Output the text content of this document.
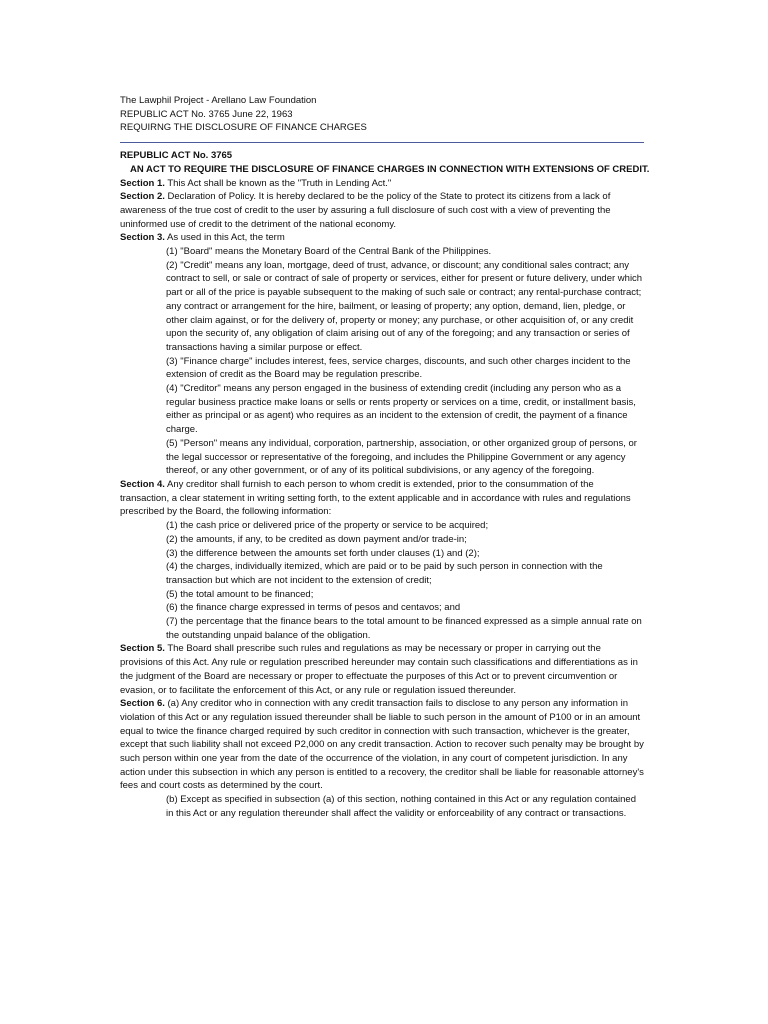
The Lawphil Project - Arellano Law Foundation
REPUBLIC ACT No. 3765 June 22, 1963
REQUIRNG THE DISCLOSURE OF FINANCE CHARGES
REPUBLIC ACT No. 3765
AN ACT TO REQUIRE THE DISCLOSURE OF FINANCE CHARGES IN CONNECTION WITH EXTENSIONS OF CREDIT.

Section 1. This Act shall be known as the "Truth in Lending Act."

Section 2. Declaration of Policy. It is hereby declared to be the policy of the State to protect its citizens from a lack of awareness of the true cost of credit to the user by assuring a full disclosure of such cost with a view of preventing the uninformed use of credit to the detriment of the national economy.

Section 3. As used in this Act, the term

(1) "Board" means the Monetary Board of the Central Bank of the Philippines.

(2) "Credit" means any loan, mortgage, deed of trust, advance, or discount; any conditional sales contract; any contract to sell, or sale or contract of sale of property or services, either for present or future delivery, under which part or all of the price is payable subsequent to the making of such sale or contract; any rental-purchase contract; any contract or arrangement for the hire, bailment, or leasing of property; any option, demand, lien, pledge, or other claim against, or for the delivery of, property or money; any purchase, or other acquisition of, or any credit upon the security of, any obligation of claim arising out of any of the foregoing; and any transaction or series of transactions having a similar purpose or effect.

(3) "Finance charge" includes interest, fees, service charges, discounts, and such other charges incident to the extension of credit as the Board may be regulation prescribe.

(4) "Creditor" means any person engaged in the business of extending credit (including any person who as a regular business practice make loans or sells or rents property or services on a time, credit, or installment basis, either as principal or as agent) who requires as an incident to the extension of credit, the payment of a finance charge.

(5) "Person" means any individual, corporation, partnership, association, or other organized group of persons, or the legal successor or representative of the foregoing, and includes the Philippine Government or any agency thereof, or any other government, or of any of its political subdivisions, or any agency of the foregoing.

Section 4. Any creditor shall furnish to each person to whom credit is extended, prior to the consummation of the transaction, a clear statement in writing setting forth, to the extent applicable and in accordance with rules and regulations prescribed by the Board, the following information:

(1) the cash price or delivered price of the property or service to be acquired;

(2) the amounts, if any, to be credited as down payment and/or trade-in;

(3) the difference between the amounts set forth under clauses (1) and (2);

(4) the charges, individually itemized, which are paid or to be paid by such person in connection with the transaction but which are not incident to the extension of credit;

(5) the total amount to be financed;

(6) the finance charge expressed in terms of pesos and centavos; and

(7) the percentage that the finance bears to the total amount to be financed expressed as a simple annual rate on the outstanding unpaid balance of the obligation.

Section 5. The Board shall prescribe such rules and regulations as may be necessary or proper in carrying out the provisions of this Act. Any rule or regulation prescribed hereunder may contain such classifications and differentiations as in the judgment of the Board are necessary or proper to effectuate the purposes of this Act or to prevent circumvention or evasion, or to facilitate the enforcement of this Act, or any rule or regulation issued thereunder.

Section 6. (a) Any creditor who in connection with any credit transaction fails to disclose to any person any information in violation of this Act or any regulation issued thereunder shall be liable to such person in the amount of P100 or in an amount equal to twice the finance charged required by such creditor in connection with such transaction, whichever is the greater, except that such liability shall not exceed P2,000 on any credit transaction. Action to recover such penalty may be brought by such person within one year from the date of the occurrence of the violation, in any court of competent jurisdiction. In any action under this subsection in which any person is entitled to a recovery, the creditor shall be liable for reasonable attorney's fees and court costs as determined by the court.

(b) Except as specified in subsection (a) of this section, nothing contained in this Act or any regulation contained in this Act or any regulation thereunder shall affect the validity or enforceability of any contract or transactions.
